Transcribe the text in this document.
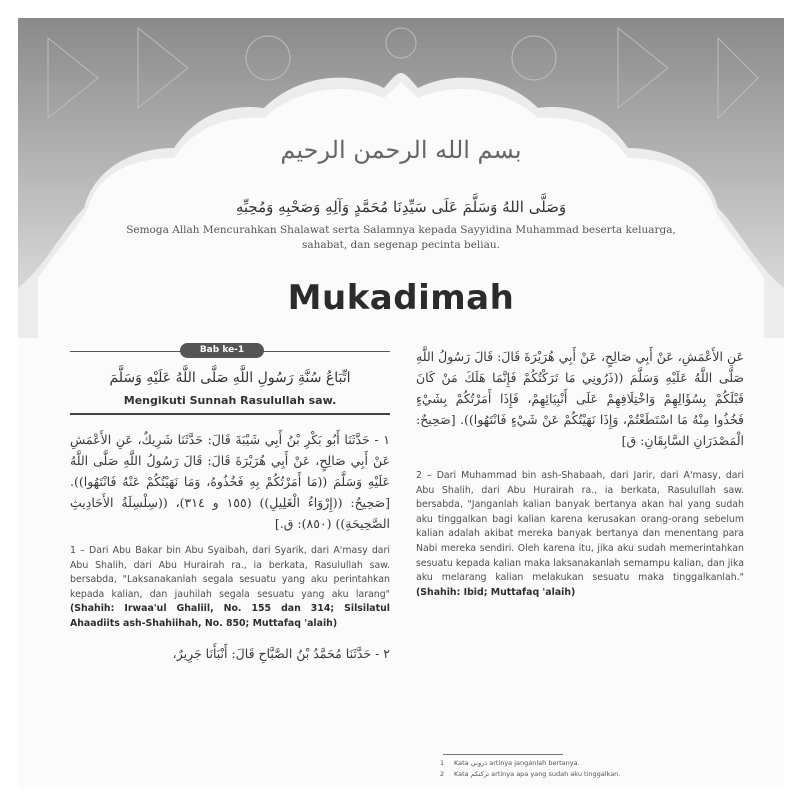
بسم الله الرحمن الرحيم
وَصَلَّى اللهُ وَسَلَّمَ عَلَى سَيِّدِنَا مُحَمَّدٍ وَآلِهِ وَصَحْبِهِ وَمُحِبِّهِ
Semoga Allah Mencurahkan Shalawat serta Salamnya kepada Sayyidina Muhammad beserta keluarga, sahabat, dan segenap pecinta beliau.
Mukadimah
Bab ke-1
اتِّبَاعُ سُنَّةِ رَسُولِ اللَّهِ صَلَّى اللَّهُ عَلَيْهِ وَسَلَّمَ
Mengikuti Sunnah Rasulullah saw.
١ - حَدَّثَنَا أَبُو بَكْرِ بْنُ أَبِي شَيْبَةَ قَالَ: حَدَّثَنَا شَرِيكٌ، عَنِ الأَعْمَشِ عَنْ أَبِي صَالِحٍ، عَنْ أَبِي هُرَيْرَةَ قَالَ: قَالَ رَسُولُ اللَّهِ صَلَّى اللَّهُ عَلَيْهِ وَسَلَّمَ ((مَا أَمَرْتُكُمْ بِهِ فَخُذُوهُ، وَمَا نَهَيْتُكُمْ عَنْهُ فَانْتَهُوا)). [صَحِيحٌ: ((إِرْوَاءُ الْغَلِيلِ)) (١٥٥ و ٣١٤)، ((سِلْسِلَةُ الأَحَادِيثِ الصَّحِيحَةِ)) (٨٥٠): ق.]
1 – Dari Abu Bakar bin Abu Syaibah, dari Syarik, dari A'masy dari Abu Shalih, dari Abu Hurairah ra., ia berkata, Rasulullah saw. bersabda, "Laksanakanlah segala sesuatu yang aku perintahkan kepada kalian, dan jauhilah segala sesuatu yang aku larang" (Shahih: Irwaa'ul Ghaliil, No. 155 dan 314; Silsilatul Ahaadiits ash-Shahiihah, No. 850; Muttafaq 'alaih)
٢ - حَدَّثَنَا مُحَمَّدُ بْنُ الصَّبَّاحِ قَالَ: أَنْبَأَنَا جَرِيرٌ،
عَنِ الأَعْمَشِ، عَنْ أَبِي صَالِحٍ، عَنْ أَبِي هُرَيْرَةَ قَالَ: قَالَ رَسُولُ اللَّهِ صَلَّى اللَّهُ عَلَيْهِ وَسَلَّمَ ((ذَرُونِي مَا تَرَكْتُكُمْ فَإِنَّمَا هَلَكَ مَنْ كَانَ قَبْلَكُمْ بِسُؤَالِهِمْ وَاخْتِلَافِهِمْ عَلَى أَنْبِيَائِهِمْ، فَإِذَا أَمَرْتُكُمْ بِشَيْءٍ فَخُذُوا مِنْهُ مَا اسْتَطَعْتُمْ، وَإِذَا نَهَيْتُكُمْ عَنْ شَيْءٍ فَانْتَهُوا)). [صَحِيحٌ: الْمَصْدَرَانِ السَّابِقَانِ: ق]
2 – Dari Muhammad bin ash-Shabaah, dari Jarir, dari A'masy, dari Abu Shalih, dari Abu Hurairah ra., ia berkata, Rasulullah saw. bersabda, "Janganlah kalian banyak bertanya akan hal yang sudah aku tinggalkan bagi kalian karena kerusakan orang-orang sebelum kalian adalah akibat mereka banyak bertanya dan menentang para Nabi mereka sendiri. Oleh karena itu, jika aku sudah memerintahkan sesuatu kepada kalian maka laksanakanlah semampu kalian, dan jika aku melarang kalian melakukan sesuatu maka tinggalkanlah." (Shahih: Ibid; Muttafaq 'alaih)
1 Kata ذروني artinya janganlah bertanya.
2 Kata تركتكم artinya apa yang sudah aku tinggalkan.
